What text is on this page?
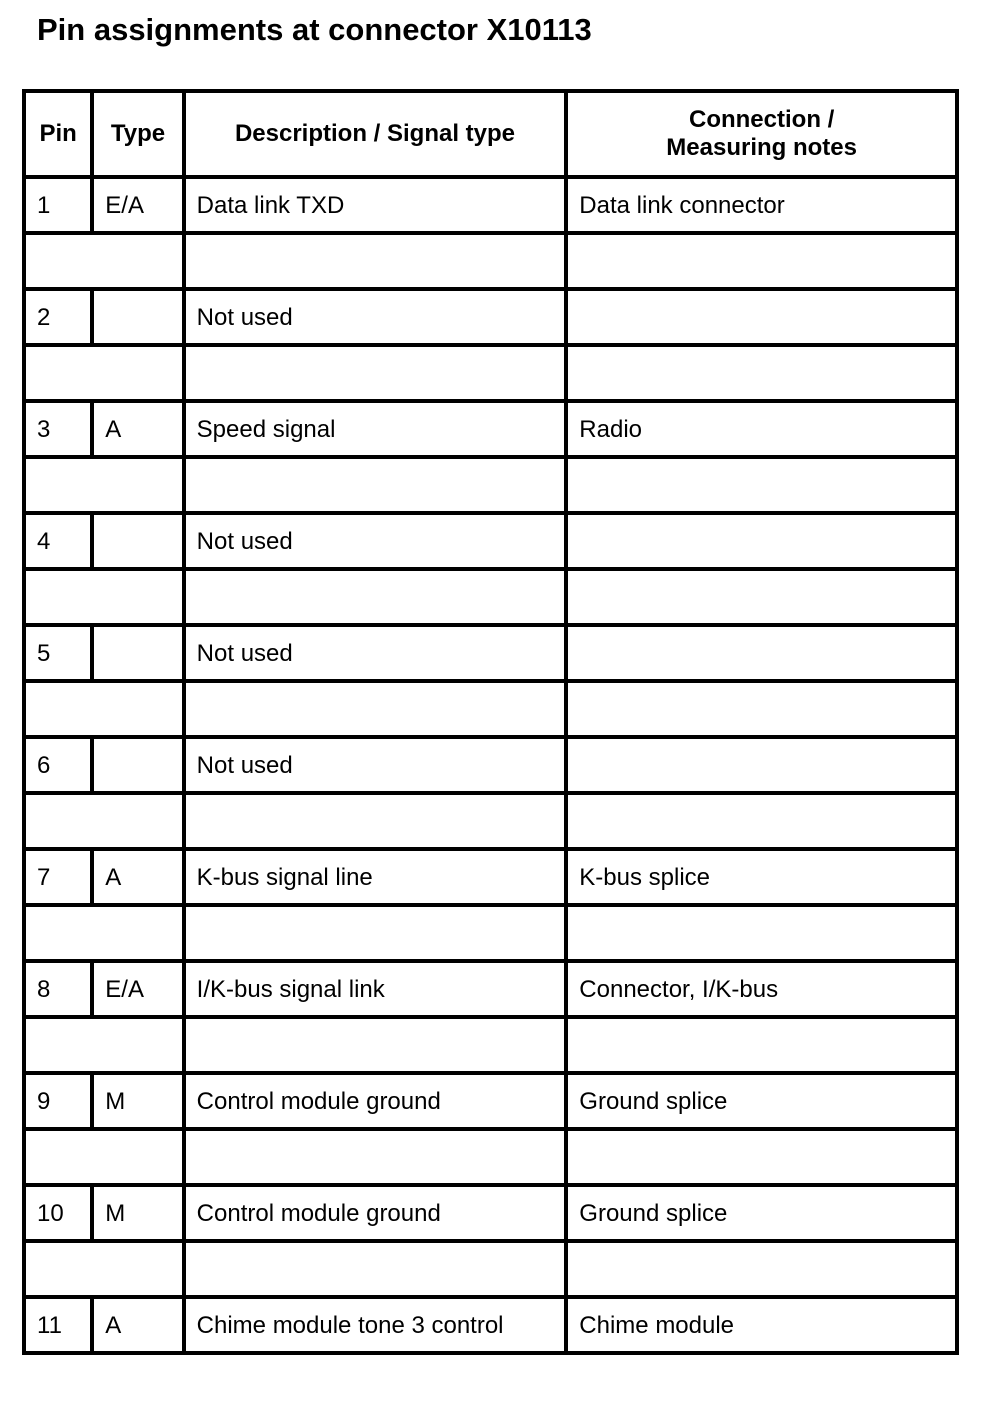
Pin assignments at connector X10113
Pin	Type	Description / Signal type	Connection /
Measuring notes

1	E/A	Data link TXD	Data link connector

2		Not used	

3	A	Speed signal	Radio

4		Not used	

5		Not used	

6		Not used	

7	A	K-bus signal line	K-bus splice

8	E/A	I/K-bus signal link	Connector, I/K-bus

9	M	Control module ground	Ground splice

10	M	Control module ground	Ground splice

11	A	Chime module tone 3 control	Chime module
